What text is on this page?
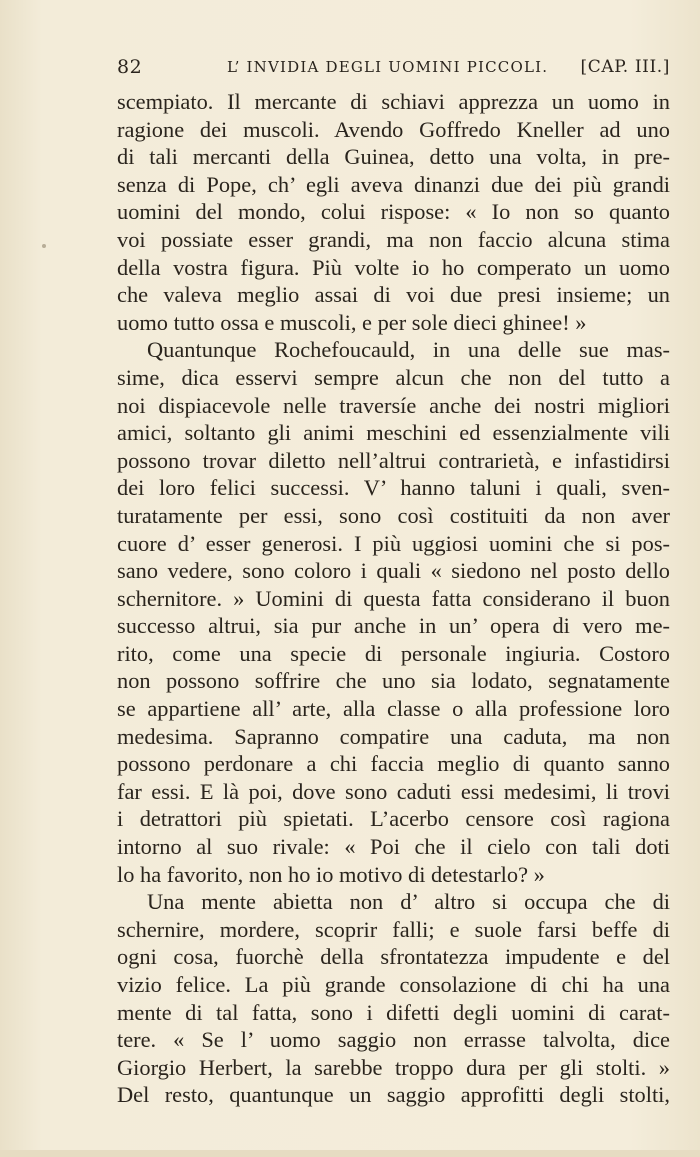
82	L’ INVIDIA DEGLI UOMINI PICCOLI. [CAP. III.]
scempiato. Il mercante di schiavi apprezza un uomo in
ragione dei muscoli. Avendo Goffredo Kneller ad uno
di tali mercanti della Guinea, detto una volta, in pre-
senza di Pope, ch’ egli aveva dinanzi due dei più grandi
uomini del mondo, colui rispose: « Io non so quanto
voi possiate esser grandi, ma non faccio alcuna stima
della vostra figura. Più volte io ho comperato un uomo
che valeva meglio assai di voi due presi insieme; un
uomo tutto ossa e muscoli, e per sole dieci ghinee! »
Quantunque Rochefoucauld, in una delle sue mas-
sime, dica esservi sempre alcun che non del tutto a
noi dispiacevole nelle traversíe anche dei nostri migliori
amici, soltanto gli animi meschini ed essenzialmente vili
possono trovar diletto nell’altrui contrarietà, e infastidirsi
dei loro felici successi. V’ hanno taluni i quali, sven-
turatamente per essi, sono così costituiti da non aver
cuore d’ esser generosi. I più uggiosi uomini che si pos-
sano vedere, sono coloro i quali « siedono nel posto dello
schernitore. » Uomini di questa fatta considerano il buon
successo altrui, sia pur anche in un’ opera di vero me-
rito, come una specie di personale ingiuria. Costoro
non possono soffrire che uno sia lodato, segnatamente
se appartiene all’ arte, alla classe o alla professione loro
medesima. Sapranno compatire una caduta, ma non
possono perdonare a chi faccia meglio di quanto sanno
far essi. E là poi, dove sono caduti essi medesimi, li trovi
i detrattori più spietati. L’acerbo censore così ragiona
intorno al suo rivale: « Poi che il cielo con tali doti
lo ha favorito, non ho io motivo di detestarlo? »
Una mente abietta non d’ altro si occupa che di
schernire, mordere, scoprir falli; e suole farsi beffe di
ogni cosa, fuorchè della sfrontatezza impudente e del
vizio felice. La più grande consolazione di chi ha una
mente di tal fatta, sono i difetti degli uomini di carat-
tere. « Se l’ uomo saggio non errasse talvolta, dice
Giorgio Herbert, la sarebbe troppo dura per gli stolti. »
Del resto, quantunque un saggio approfitti degli stolti,
